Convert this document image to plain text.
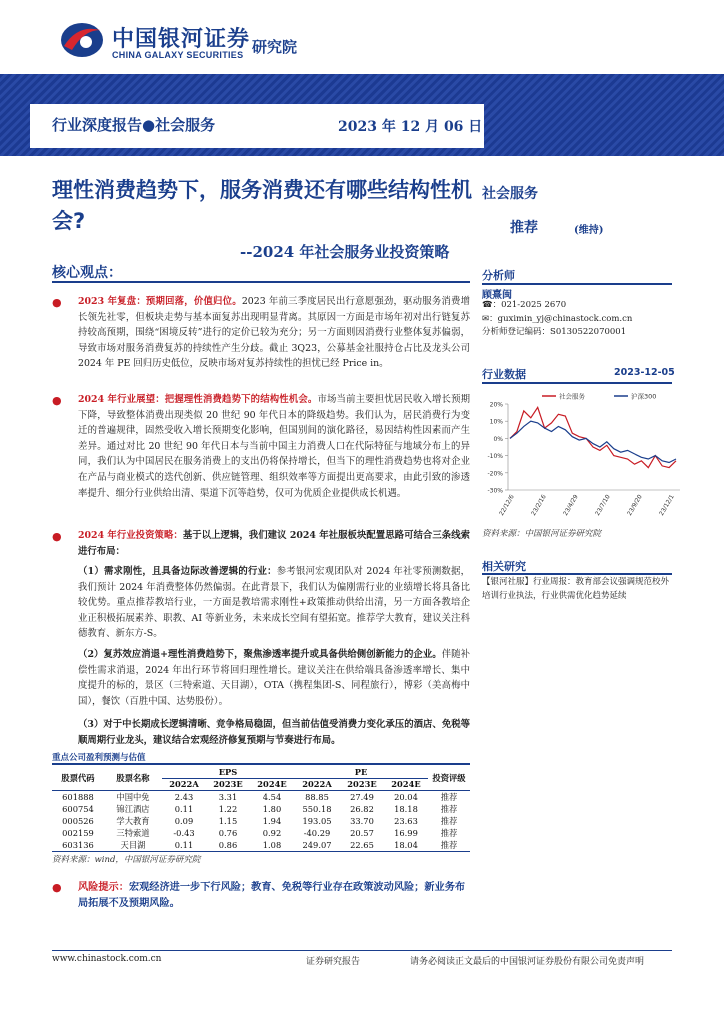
中国银河证券
CHINA GALAXY SECURITIES 研究院
行业深度报告●社会服务	2023 年 12 月 06 日
理性消费趋势下，服务消费还有哪些结构性机会?
--2024 年社会服务业投资策略
核心观点：
● 2023 年复盘：预期回落，价值归位。2023 年前三季度居民出行意愿强劲，驱动服务消费增长领先社零，但板块走势与基本面复苏出现明显背离。其原因一方面是市场年初对出行链复苏持较高预期，围绕“困境反转”进行的定价已较为充分；另一方面则因消费行业整体复苏偏弱，导致市场对服务消费复苏的持续性产生分歧。截止 3Q23，公募基金社服持仓占比及龙头公司 2024 年 PE 回归历史低位，反映市场对复苏持续性的担忧已经 Price in。
● 2024 年行业展望：把握理性消费趋势下的结构性机会。市场当前主要担忧居民收入增长预期下降，导致整体消费出现类似 20 世纪 90 年代日本的降级趋势。我们认为，居民消费行为变迁的普遍规律，固然受收入增长预期变化影响，但国别间的演化路径，易因结构性因素而产生差异。通过对比 20 世纪 90 年代日本与当前中国主力消费人口在代际特征与地域分布上的异同，我们认为中国居民在服务消费上的支出仍将保持增长，但当下的理性消费趋势也将对企业在产品与商业模式的迭代创新、供应链管理、组织效率等方面提出更高要求，由此引致的渗透率提升、细分行业供给出清、渠道下沉等趋势，仅可为优质企业提供成长机遇。
● 2024 年行业投资策略：基于以上逻辑，我们建议 2024 年社服板块配置思路可结合三条线索进行布局：
（1）需求刚性，且具备边际改善逻辑的行业：参考银河宏观团队对 2024 年社零预测数据，我们预计 2024 年消费整体仍然偏弱。在此背景下，我们认为偏刚需行业的业绩增长将具备比较优势。重点推荐教培行业，一方面是教培需求刚性+政策推动供给出清，另一方面各教培企业正积极拓展素养、职教、AI 等新业务，未来成长空间有望拓宽。推荐学大教育，建议关注科德教育、新东方-S。
（2）复苏效应消退+理性消费趋势下，聚焦渗透率提升或具备供给侧创新能力的企业。伴随补偿性需求消退，2024 年出行环节将回归理性增长。建议关注在供给端具备渗透率增长、集中度提升的标的，景区（三特索道、天目湖），OTA（携程集团-S、同程旅行），博彩（美高梅中国），餐饮（百胜中国、达势股份）。
（3）对于中长期成长逻辑清晰、竞争格局稳固，但当前估值受消费力变化承压的酒店、免税等顺周期行业龙头，建议结合宏观经济修复预期与节奏进行布局。
重点公司盈利预测与估值
股票代码	股票名称	EPS			PE			投资评级
		2022A	2023E	2024E	2022A	2023E	2024E	
601888	中国中免	2.43	3.31	4.54	88.85	27.49	20.04	推荐
600754	锦江酒店	0.11	1.22	1.80	550.18	26.82	18.18	推荐
000526	学大教育	0.09	1.15	1.94	193.05	33.70	23.63	推荐
002159	三特索道	-0.43	0.76	0.92	-40.29	20.57	16.99	推荐
603136	天目湖	0.11	0.86	1.08	249.07	22.65	18.04	推荐
资料来源：wind，中国银河证券研究院
● 风险提示：宏观经济进一步下行风险；教育、免税等行业存在政策波动风险；新业务布局拓展不及预期风险。
社会服务
推荐	(维持)
分析师
顾熹闽
☎：021-2025 2670
✉：guximin_yj@chinastock.com.cn
分析师登记编码：S0130522070001
行业数据	2023-12-05
20%
10%
0%
-10%
-20%
-30%
22/12/6 23/2/16 23/4/29 23/7/10 23/9/20 23/12/1
社会服务	沪深300
资料来源：中国银河证券研究院
相关研究
【银河社服】行业周报：教育部会议强调规范校外培训行业执法，行业供需优化趋势延续
www.chinastock.com.cn	证券研究报告	请务必阅读正文最后的中国银河证券股份有限公司免责声明
